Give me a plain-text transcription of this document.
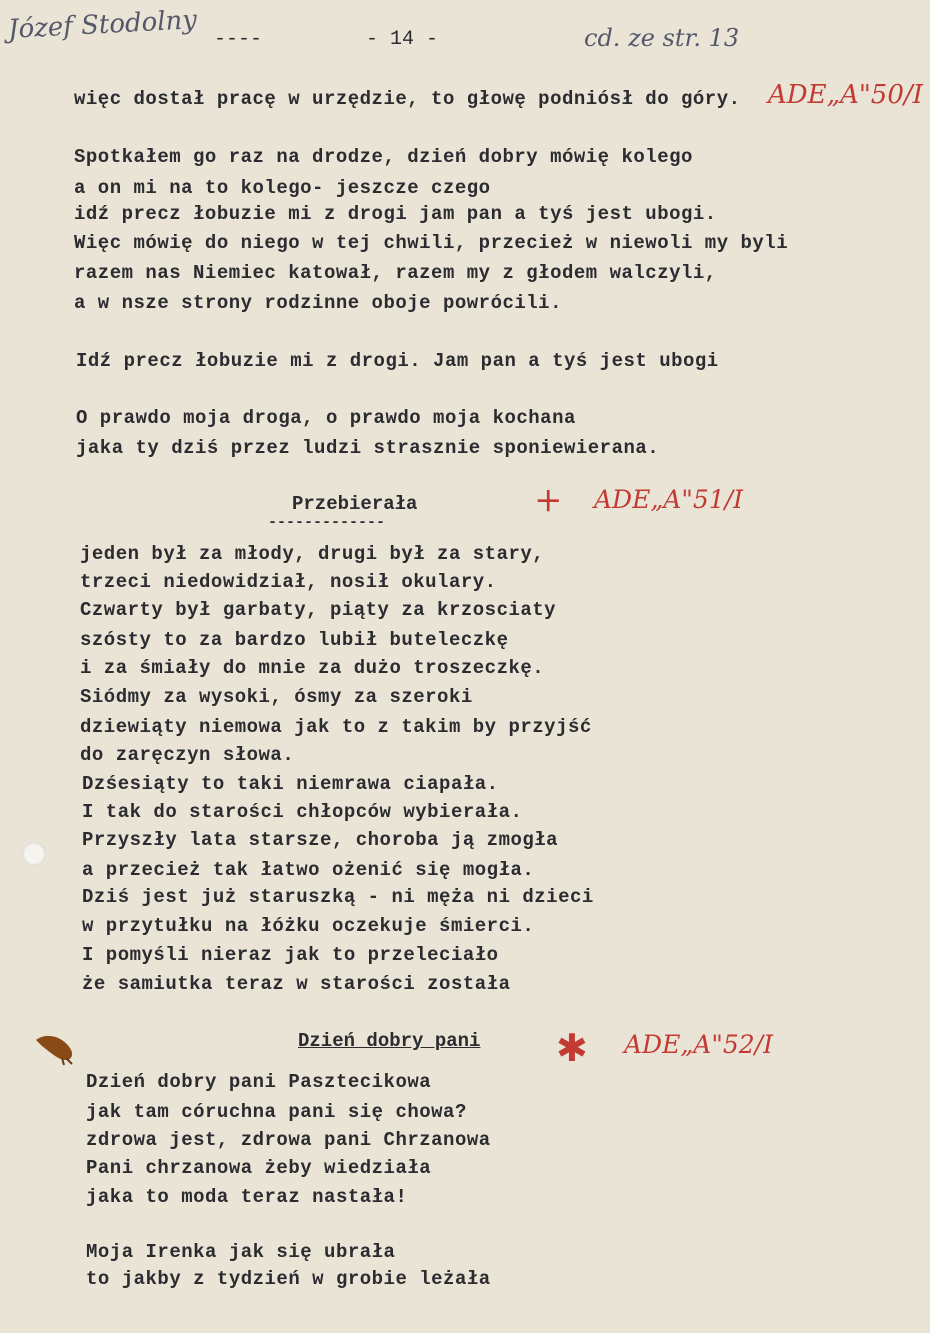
Józef Stodolny ----	- 14 -	cd. ze str. 13
ADE„A"50/I
+ ADE„A"51/I
✱ ADE„A"52/I
więc dostał pracę w urzędzie, to głowę podniósł do góry.
Spotkałem go raz na drodze, dzień dobry mówię kolego
a on mi na to kolego- jeszcze czego
idź precz łobuzie mi z drogi jam pan a tyś jest ubogi.
Więc mówię do niego w tej chwili, przecież w niewoli my byli
razem nas Niemiec katował, razem my z głodem walczyli,
a w nsze strony rodzinne oboje powrócili.
Idź precz łobuzie mi z drogi. Jam pan a tyś jest ubogi
O prawdo moja droga, o prawdo moja kochana
jaka ty dziś przez ludzi strasznie sponiewierana.
Przebierała
-------------
jeden był za młody, drugi był za stary,
trzeci niedowidział, nosił okulary.
Czwarty był garbaty, piąty za krzosciaty
szósty to za bardzo lubił buteleczkę
i za śmiały do mnie za dużo troszeczkę.
Siódmy za wysoki, ósmy za szeroki
dziewiąty niemowa jak to z takim by przyjść
do zaręczyn słowa.
Dzśesiąty to taki niemrawa ciapała.
I tak do starości chłopców wybierała.
Przyszły lata starsze, choroba ją zmogła
a przecież tak łatwo ożenić się mogła.
Dziś jest już staruszką - ni męża ni dzieci
w przytułku na łóżku oczekuje śmierci.
I pomyśli nieraz jak to przeleciało
że samiutka teraz w starości została
Dzień dobry pani
Dzień dobry pani Pasztecikowa
jak tam córuchna pani się chowa?
zdrowa jest, zdrowa pani Chrzanowa
Pani chrzanowa żeby wiedziała
jaka to moda teraz nastała!
Moja Irenka jak się ubrała
to jakby z tydzień w grobie leżała
